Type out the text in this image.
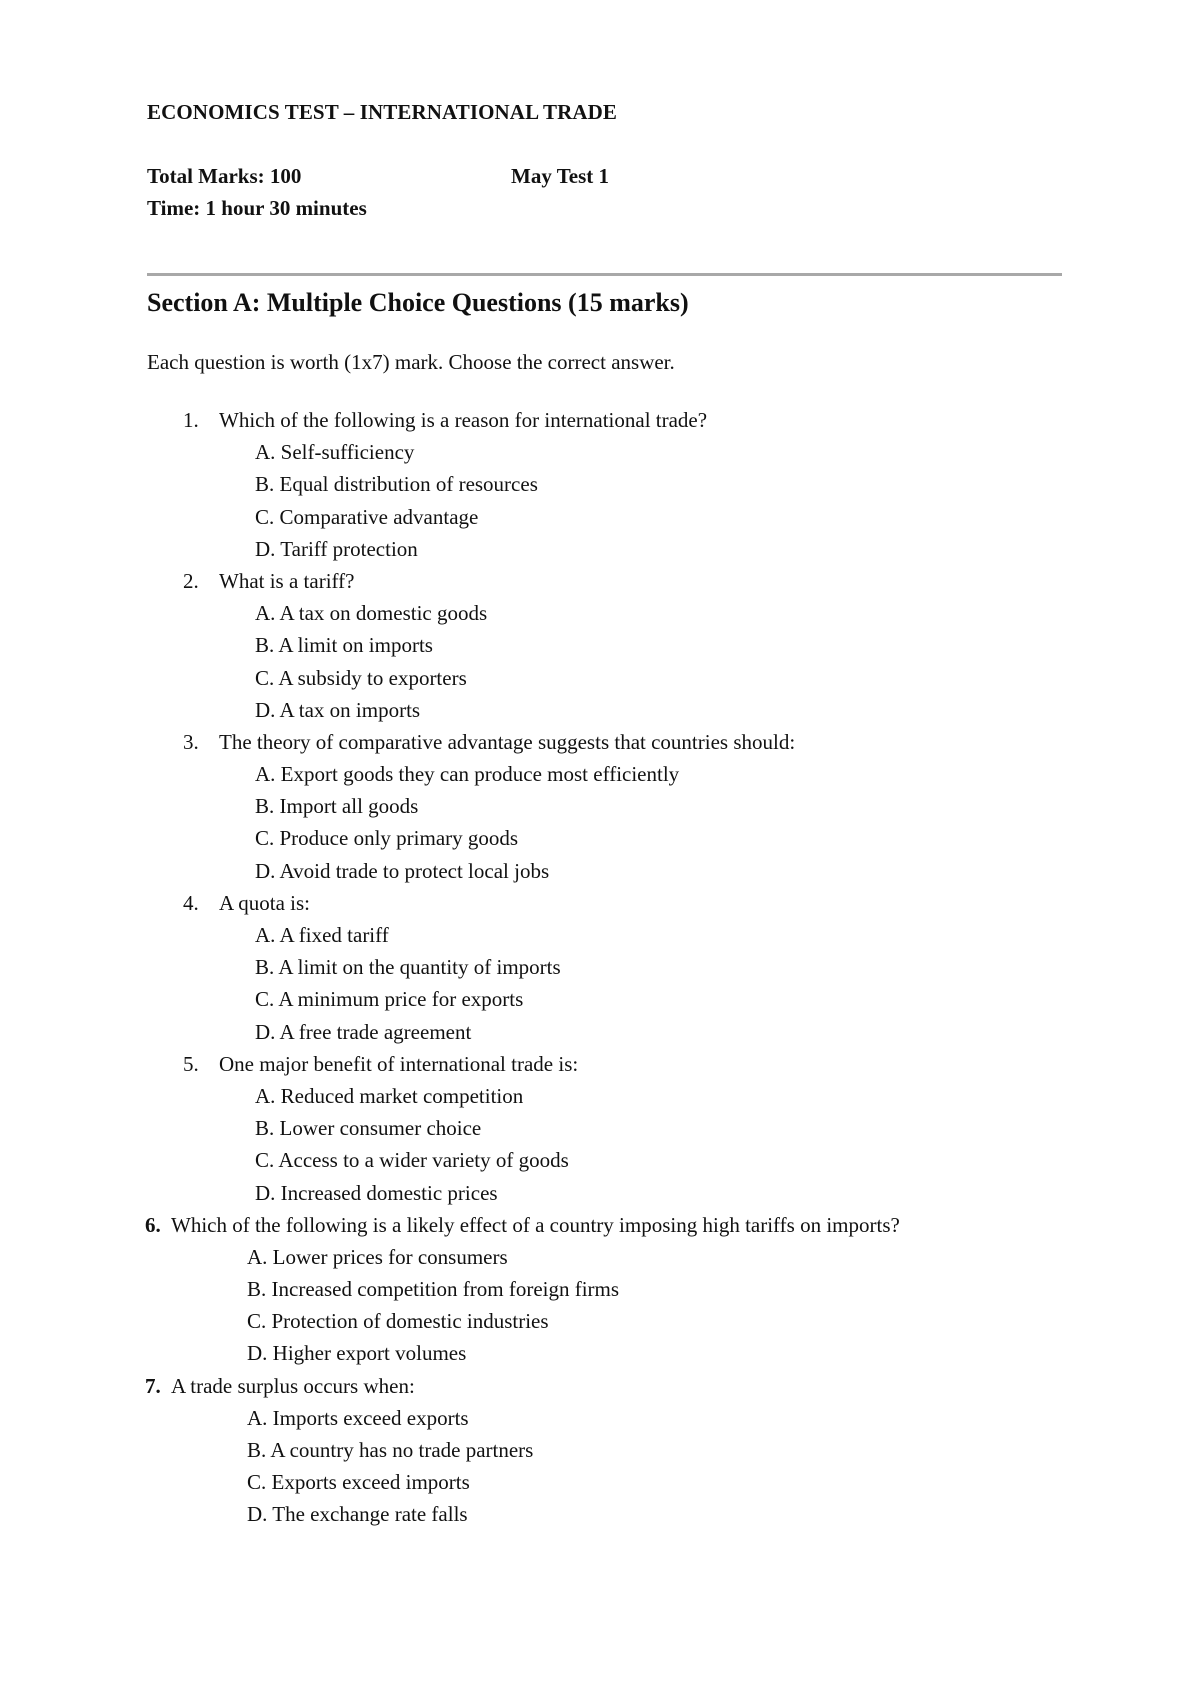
ECONOMICS TEST – INTERNATIONAL TRADE
Total Marks: 100	May Test 1
Time: 1 hour 30 minutes
Section A: Multiple Choice Questions (15 marks)
Each question is worth (1x7) mark. Choose the correct answer.
1. Which of the following is a reason for international trade?
A. Self-sufficiency
B. Equal distribution of resources
C. Comparative advantage
D. Tariff protection
2. What is a tariff?
A. A tax on domestic goods
B. A limit on imports
C. A subsidy to exporters
D. A tax on imports
3. The theory of comparative advantage suggests that countries should:
A. Export goods they can produce most efficiently
B. Import all goods
C. Produce only primary goods
D. Avoid trade to protect local jobs
4. A quota is:
A. A fixed tariff
B. A limit on the quantity of imports
C. A minimum price for exports
D. A free trade agreement
5. One major benefit of international trade is:
A. Reduced market competition
B. Lower consumer choice
C. Access to a wider variety of goods
D. Increased domestic prices
6. Which of the following is a likely effect of a country imposing high tariffs on imports?
A. Lower prices for consumers
B. Increased competition from foreign firms
C. Protection of domestic industries
D. Higher export volumes
7. A trade surplus occurs when:
A. Imports exceed exports
B. A country has no trade partners
C. Exports exceed imports
D. The exchange rate falls
